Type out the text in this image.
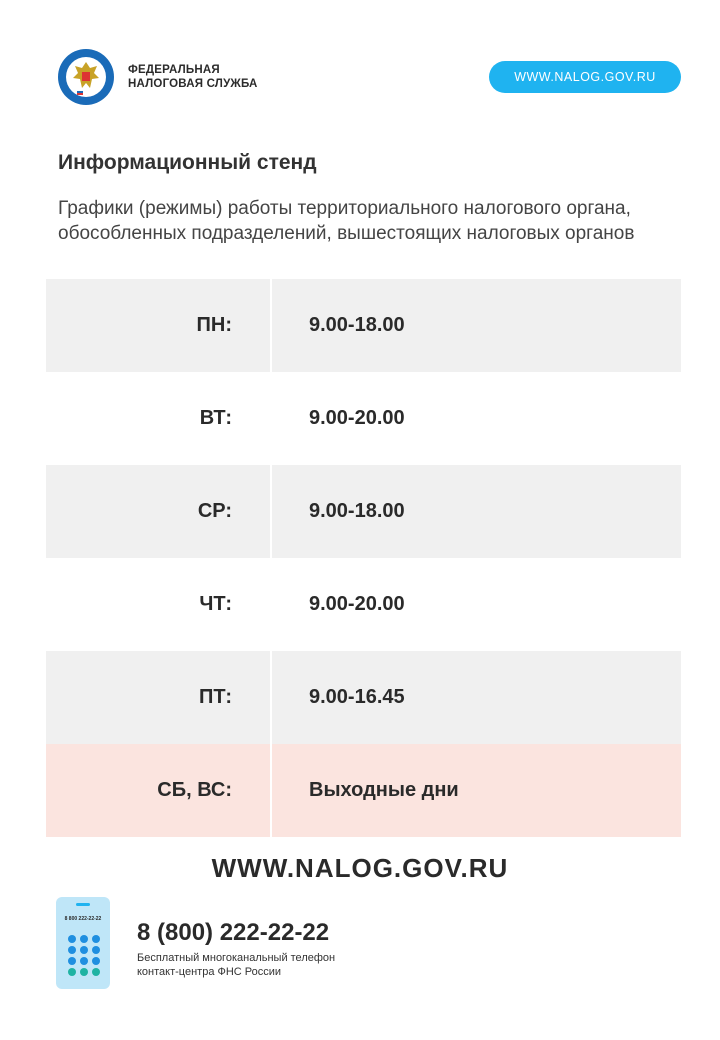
ФЕДЕРАЛЬНАЯ
НАЛОГОВАЯ СЛУЖБА	WWW.NALOG.GOV.RU
Информационный стенд
Графики (режимы) работы территориального налогового органа, обособленных подразделений, вышестоящих налоговых органов
ПН:	9.00-18.00
ВТ:	9.00-20.00
СР:	9.00-18.00
ЧТ:	9.00-20.00
ПТ:	9.00-16.45
СБ, ВС:	Выходные дни
WWW.NALOG.GOV.RU
8 800 222-22-22	8 (800) 222-22-22
Бесплатный многоканальный телефон
контакт-центра ФНС России
